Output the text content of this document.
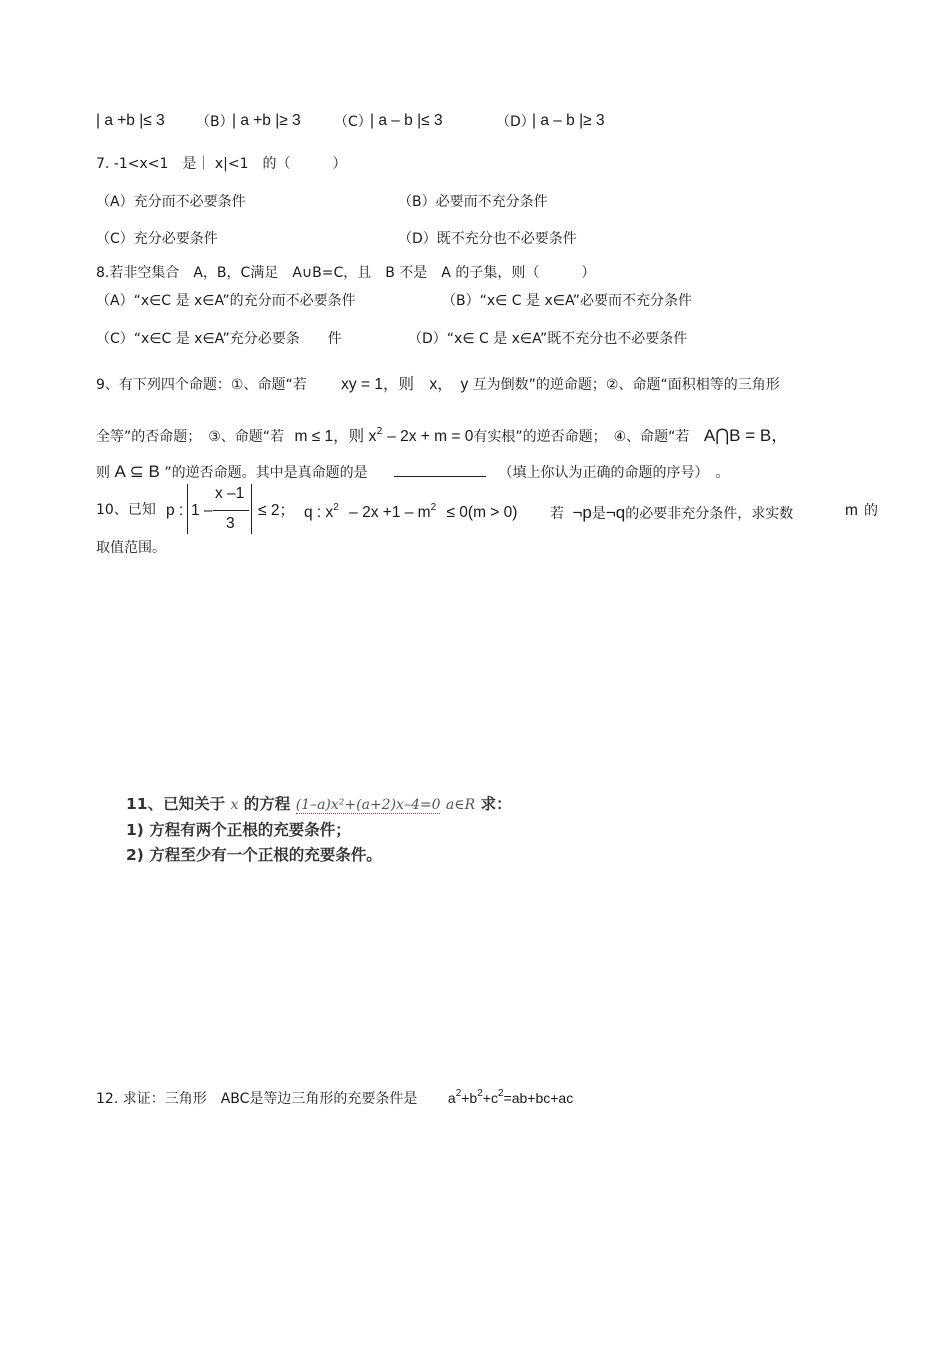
| a +b |≤ 3 （B）
| a +b |≥ 3 （C）
| a – b |≤ 3	（D）
| a – b |≥ 3
7. -1<x<1　是｜ x|<1　的（　　　）
（A）充分而不必要条件	（B）必要而不充分条件
（C）充分必要条件	（D）既不充分也不必要条件
8.若非空集合　A，B，C满足　A∪B=C，且　B 不是　A 的子集，则（　　　）
（A）“x∈C 是 x∈A”的充分而不必要条件	（B）“x∈ C 是 x∈A”必要而不充分条件
（C）“x∈C 是 x∈A”充分必要条　　件	（D）“x∈ C 是 x∈A”既不充分也不必要条件
9、有下列四个命题：①、命题“若 xy = 1，则　x，　y 互为倒数”的逆命题；②、命题“面积相等的三角形
全等”的否命题；　③、命题“若 m ≤ 1，则 $x^2 - 2x + m = 0$有实根”的逆否命题；　④、命题“若 A⋂B = B，
则 A ⊆ B ”的逆否命题。其中是真命题的是	（填上你认为正确的命题的序号）　。
10、已知 p : 1 –
x –1
3
≤ 2； q : $x^2 - 2x +1 - m^2 \le 0(m > 0)$ 若 ¬p是¬q的必要非充分条件，求实数	m 的
取值范围。
11、已知关于 x 的方程 (1–a)x²+(a+2)x–4=0 a∈R 求：
1) 方程有两个正根的充要条件；
2) 方程至少有一个正根的充要条件。
12. 求证：三角形　ABC是等边三角形的充要条件是 $a^2+b^2+c^2=ab+bc+ac$
